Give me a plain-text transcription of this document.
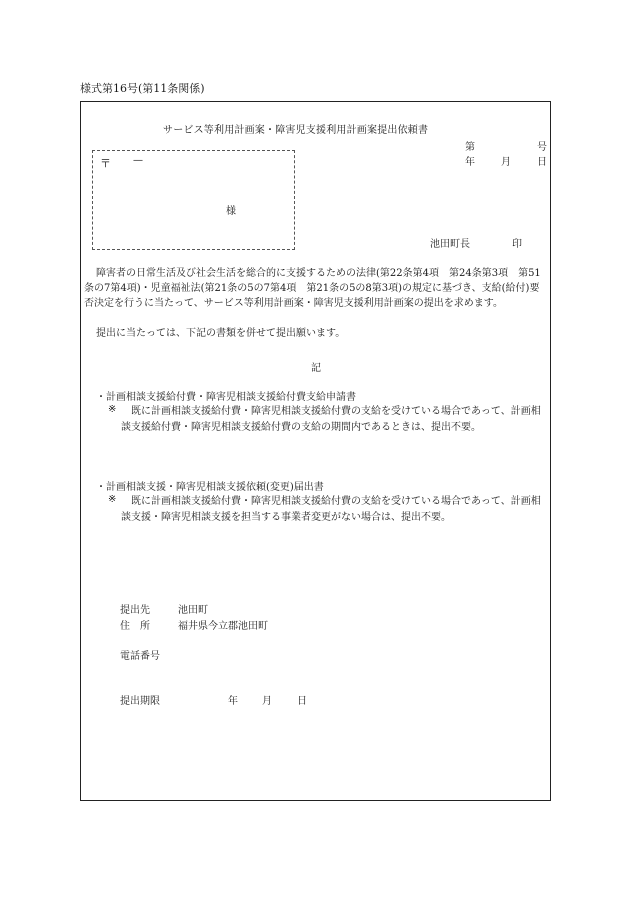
様式第16号(第11条関係)
サービス等利用計画案・障害児支援利用計画案提出依頼書
第	号
年	月	日
〒 —
様
池田町長	印

障害者の日常生活及び社会生活を総合的に支援するための法律(第22条第4項　第24条第3項　第51条の7第4項)・児童福祉法(第21条の5の7第4項　第21条の5の8第3項)の規定に基づき、支給(給付)要否決定を行うに当たって、サービス等利用計画案・障害児支援利用計画案の提出を求めます。

提出に当たっては、下記の書類を併せて提出願います。

記
・計画相談支援給付費・障害児相談支援給付費支給申請書
※	既に計画相談支援給付費・障害児相談支援給付費の支給を受けている場合であって、計画相談支援給付費・障害児相談支援給付費の支給の期間内であるときは、提出不要。

・計画相談支援・障害児相談支援依頼(変更)届出書
※	既に計画相談支援給付費・障害児相談支援給付費の支給を受けている場合であって、計画相談支援・障害児相談支援を担当する事業者変更がない場合は、提出不要。

提出先	池田町
住　所	福井県今立郡池田町
電話番号
提出期限	年 月	日
